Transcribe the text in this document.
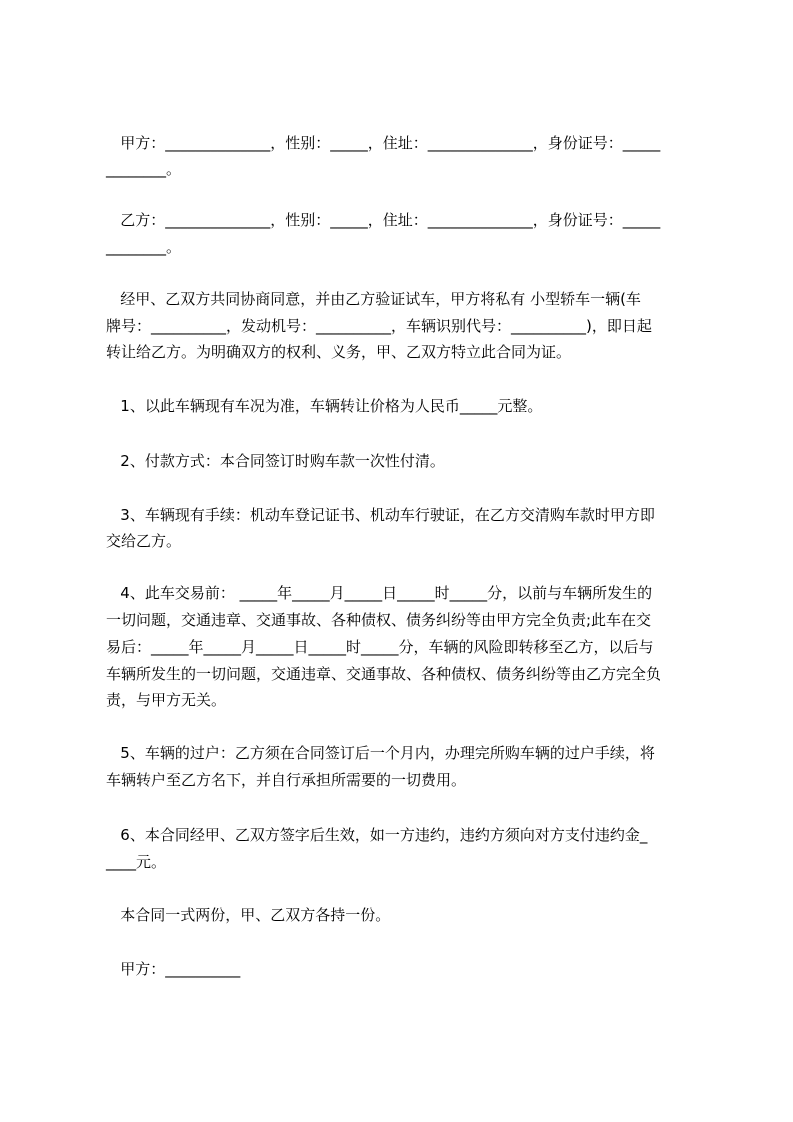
甲方：______________，性别：_____，住址：______________，身份证号：_____
________。
乙方：______________，性别：_____，住址：______________，身份证号：_____
________。
经甲、乙双方共同协商同意，并由乙方验证试车，甲方将私有 小型轿车一辆(车
牌号：__________，发动机号：__________，车辆识别代号：__________)，即日起
转让给乙方。为明确双方的权利、义务，甲、乙双方特立此合同为证。
1、以此车辆现有车况为准，车辆转让价格为人民币_____元整。
2、付款方式：本合同签订时购车款一次性付清。
3、车辆现有手续：机动车登记证书、机动车行驶证，在乙方交清购车款时甲方即
交给乙方。
4、此车交易前： _____年_____月_____日_____时_____分，以前与车辆所发生的
一切问题，交通违章、交通事故、各种债权、债务纠纷等由甲方完全负责;此车在交
易后：_____年_____月_____日_____时_____分，车辆的风险即转移至乙方，以后与
车辆所发生的一切问题，交通违章、交通事故、各种债权、债务纠纷等由乙方完全负
责，与甲方无关。
5、车辆的过户：乙方须在合同签订后一个月内，办理完所购车辆的过户手续，将
车辆转户至乙方名下，并自行承担所需要的一切费用。
6、本合同经甲、乙双方签字后生效，如一方违约，违约方须向对方支付违约金_
____元。
本合同一式两份，甲、乙双方各持一份。
甲方：__________
